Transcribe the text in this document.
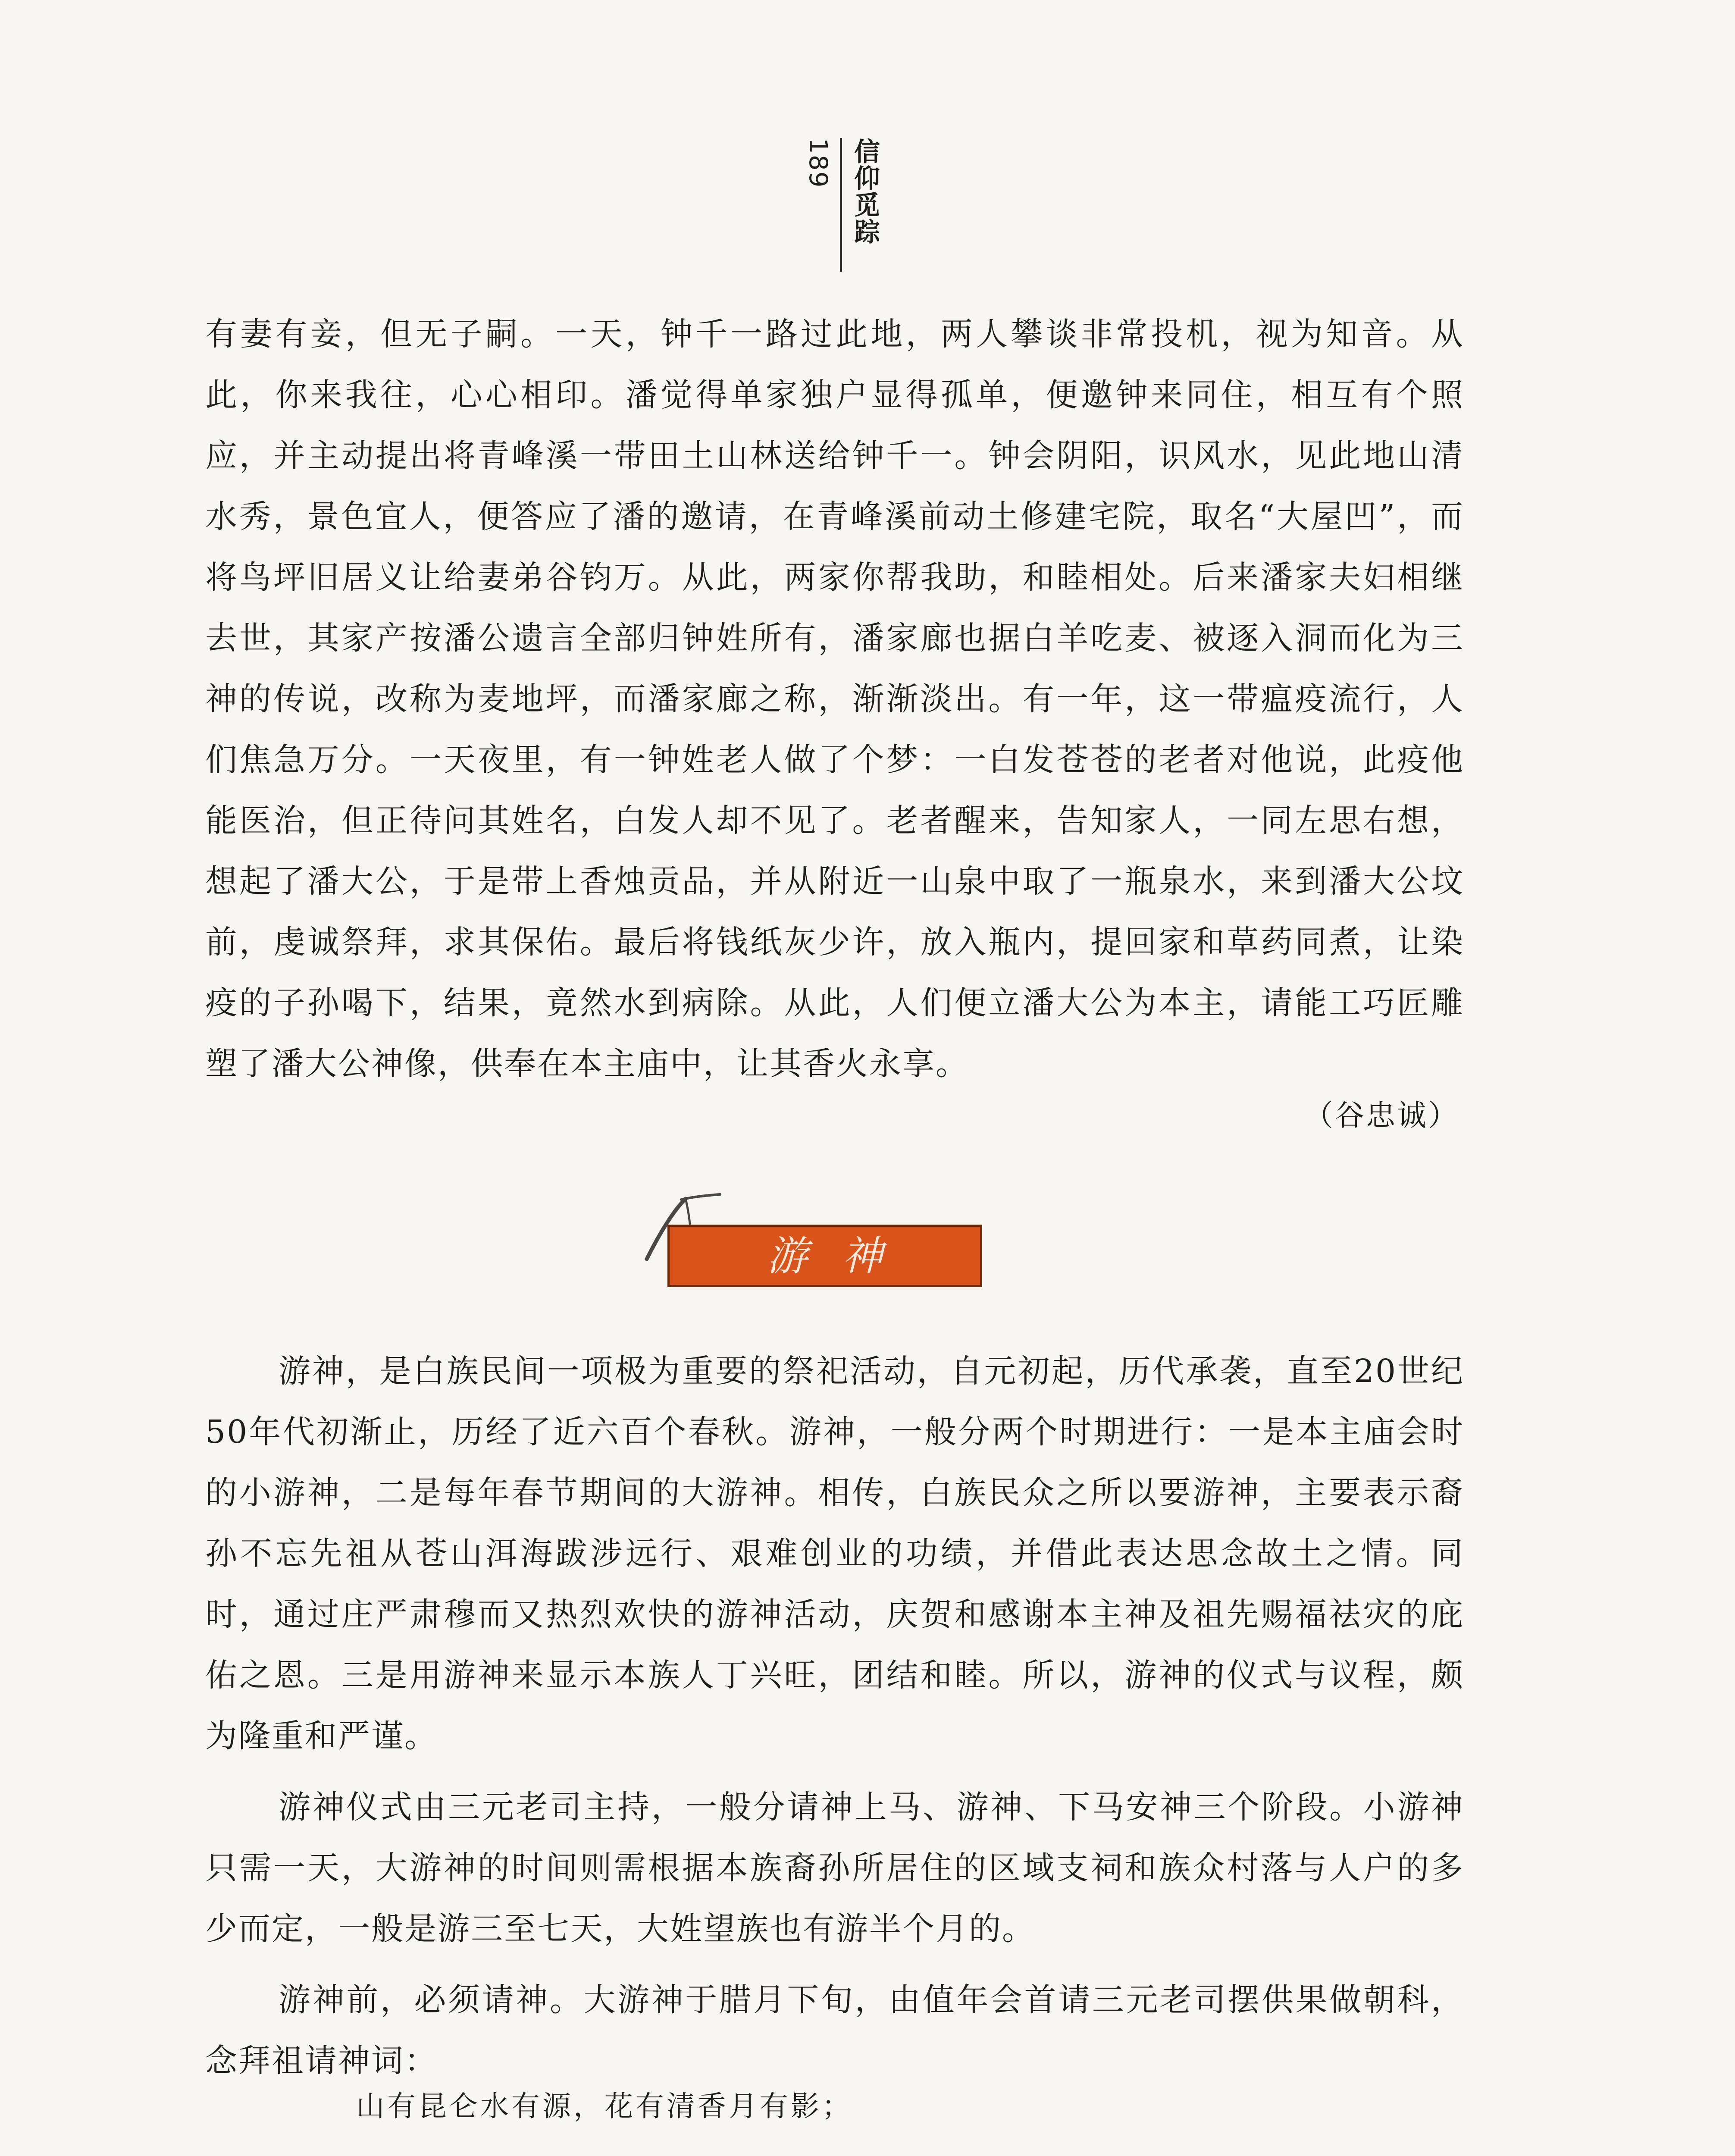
189 信仰觅踪

有妻有妾，但无子嗣。一天，钟千一路过此地，两人攀谈非常投机，视为知音。从此，你来我往，心心相印。潘觉得单家独户显得孤单，便邀钟来同住，相互有个照应，并主动提出将青峰溪一带田土山林送给钟千一。钟会阴阳，识风水，见此地山清水秀，景色宜人，便答应了潘的邀请，在青峰溪前动土修建宅院，取名“大屋凹”，而将鸟坪旧居义让给妻弟谷钧万。从此，两家你帮我助，和睦相处。后来潘家夫妇相继去世，其家产按潘公遗言全部归钟姓所有，潘家廊也据白羊吃麦、被逐入洞而化为三神的传说，改称为麦地坪，而潘家廊之称，渐渐淡出。有一年，这一带瘟疫流行，人们焦急万分。一天夜里，有一钟姓老人做了个梦：一白发苍苍的老者对他说，此疫他能医治，但正待问其姓名，白发人却不见了。老者醒来，告知家人，一同左思右想，想起了潘大公，于是带上香烛贡品，并从附近一山泉中取了一瓶泉水，来到潘大公坟前，虔诚祭拜，求其保佑。最后将钱纸灰少许，放入瓶内，提回家和草药同煮，让染疫的子孙喝下，结果，竟然水到病除。从此，人们便立潘大公为本主，请能工巧匠雕塑了潘大公神像，供奉在本主庙中，让其香火永享。

（谷忠诚）
游神

游神，是白族民间一项极为重要的祭祀活动，自元初起，历代承袭，直至20世纪50年代初渐止，历经了近六百个春秋。游神，一般分两个时期进行：一是本主庙会时的小游神，二是每年春节期间的大游神。相传，白族民众之所以要游神，主要表示裔孙不忘先祖从苍山洱海跋涉远行、艰难创业的功绩，并借此表达思念故土之情。同时，通过庄严肃穆而又热烈欢快的游神活动，庆贺和感谢本主神及祖先赐福祛灾的庇佑之恩。三是用游神来显示本族人丁兴旺，团结和睦。所以，游神的仪式与议程，颇为隆重和严谨。

游神仪式由三元老司主持，一般分请神上马、游神、下马安神三个阶段。小游神只需一天，大游神的时间则需根据本族裔孙所居住的区域支祠和族众村落与人户的多少而定，一般是游三至七天，大姓望族也有游半个月的。

游神前，必须请神。大游神于腊月下旬，由值年会首请三元老司摆供果做朝科，念拜祖请神词：

山有昆仑水有源，花有清香月有影；
